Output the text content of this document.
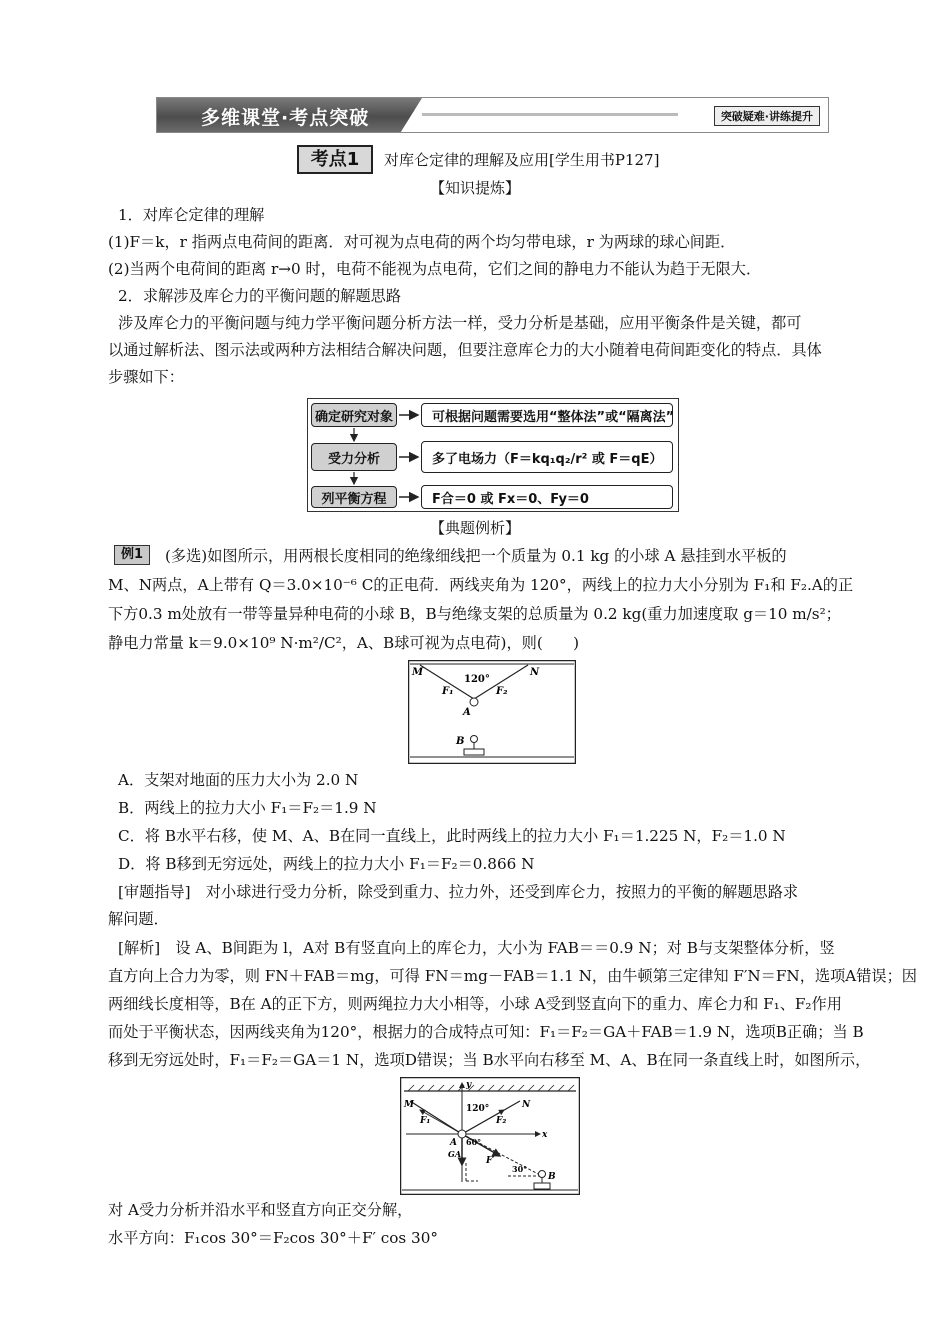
多维课堂·考点突破	突破疑难·讲练提升
考点1	对库仑定律的理解及应用[学生用书P127]
【知识提炼】
1．对库仑定律的理解
(1)F＝k，r 指两点电荷间的距离．对可视为点电荷的两个均匀带电球，r 为两球的球心间距．
(2)当两个电荷间的距离 r→0 时，电荷不能视为点电荷，它们之间的静电力不能认为趋于无限大．
2．求解涉及库仑力的平衡问题的解题思路
涉及库仑力的平衡问题与纯力学平衡问题分析方法一样，受力分析是基础，应用平衡条件是关键，都可
以通过解析法、图示法或两种方法相结合解决问题，但要注意库仑力的大小随着电荷间距变化的特点．具体
步骤如下：
确定研究对象	可根据问题需要选用“整体法”或“隔离法”
受力分析	多了电场力（F＝kq₁q₂/r² 或 F＝qE）
列平衡方程	F合＝0 或 Fx＝0、Fy＝0
【典题例析】
例1	(多选)如图所示，用两根长度相同的绝缘细线把一个质量为 0.1 kg 的小球 A 悬挂到水平板的
M、N两点，A上带有 Q＝3.0×10⁻⁶ C的正电荷．两线夹角为 120°，两线上的拉力大小分别为 F₁和 F₂.A的正
下方0.3 m处放有一带等量异种电荷的小球 B，B与绝缘支架的总质量为 0.2 kg(重力加速度取 g＝10 m/s²；
静电力常量 k＝9.0×10⁹ N·m²/C²，A、B球可视为点电荷)，则(　　)
M	N
120°
F₁	F₂
A
B
A．支架对地面的压力大小为 2.0 N
B．两线上的拉力大小 F₁＝F₂＝1.9 N
C．将 B水平右移，使 M、A、B在同一直线上，此时两线上的拉力大小 F₁＝1.225 N，F₂＝1.0 N
D．将 B移到无穷远处，两线上的拉力大小 F₁＝F₂＝0.866 N
[审题指导]　对小球进行受力分析，除受到重力、拉力外，还受到库仑力，按照力的平衡的解题思路求
解问题．
[解析]　设 A、B间距为 l，A对 B有竖直向上的库仑力，大小为 FAB＝＝0.9 N；对 B与支架整体分析，竖
直方向上合力为零，则 FN＋FAB＝mg，可得 FN＝mg－FAB＝1.1 N，由牛顿第三定律知 F′N＝FN，选项A错误；因
两细线长度相等，B在 A的正下方，则两绳拉力大小相等，小球 A受到竖直向下的重力、库仑力和 F₁、F₂作用
而处于平衡状态，因两线夹角为120°，根据力的合成特点可知：F₁＝F₂＝GA＋FAB＝1.9 N，选项B正确；当 B
移到无穷远处时，F₁＝F₂＝GA＝1 N，选项D错误；当 B水平向右移至 M、A、B在同一条直线上时，如图所示，
M	N
y
x
120°
F₁	F₂
A 60°
GA
F′
30°
B
对 A受力分析并沿水平和竖直方向正交分解，
水平方向：F₁cos 30°＝F₂cos 30°＋F′ cos 30°
